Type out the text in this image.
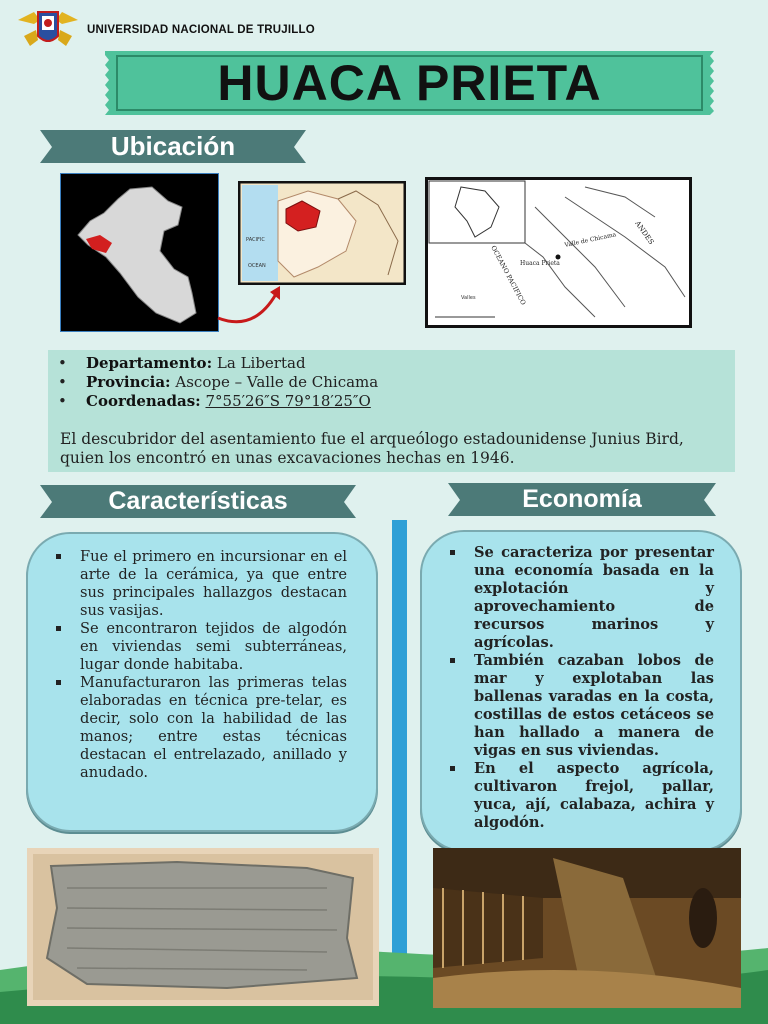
UNIVERSIDAD NACIONAL DE TRUJILLO
HUACA PRIETA
Ubicación
PACIFIC
OCEAN	Huaca Prieta
Valle de Chicama ANDES
OCEANO PACIFICO
Valles
• Departamento: La Libertad
• Provincia: Ascope – Valle de Chicama
• Coordenadas: 7°55′26″S 79°18′25″O
El descubridor del asentamiento fue el arqueólogo estadounidense Junius Bird, quien los encontró en unas excavaciones hechas en 1946.
Características	Economía
Fue el primero en incursionar en el arte de la cerámica, ya que entre sus principales hallazgos destacan sus vasijas.
Se encontraron tejidos de algodón en viviendas semi subterráneas, lugar donde habitaba.
Manufacturaron las primeras telas elaboradas en técnica pre-telar, es decir, solo con la habilidad de las manos; entre estas técnicas destacan el entrelazado, anillado y anudado.
Se caracteriza por presentar una economía basada en la explotación y aprovechamiento de recursos marinos y agrícolas.
También cazaban lobos de mar y explotaban las ballenas varadas en la costa, costillas de estos cetáceos se han hallado a manera de vigas en sus viviendas.
En el aspecto agrícola, cultivaron frejol, pallar, yuca, ají, calabaza, achira y algodón.
